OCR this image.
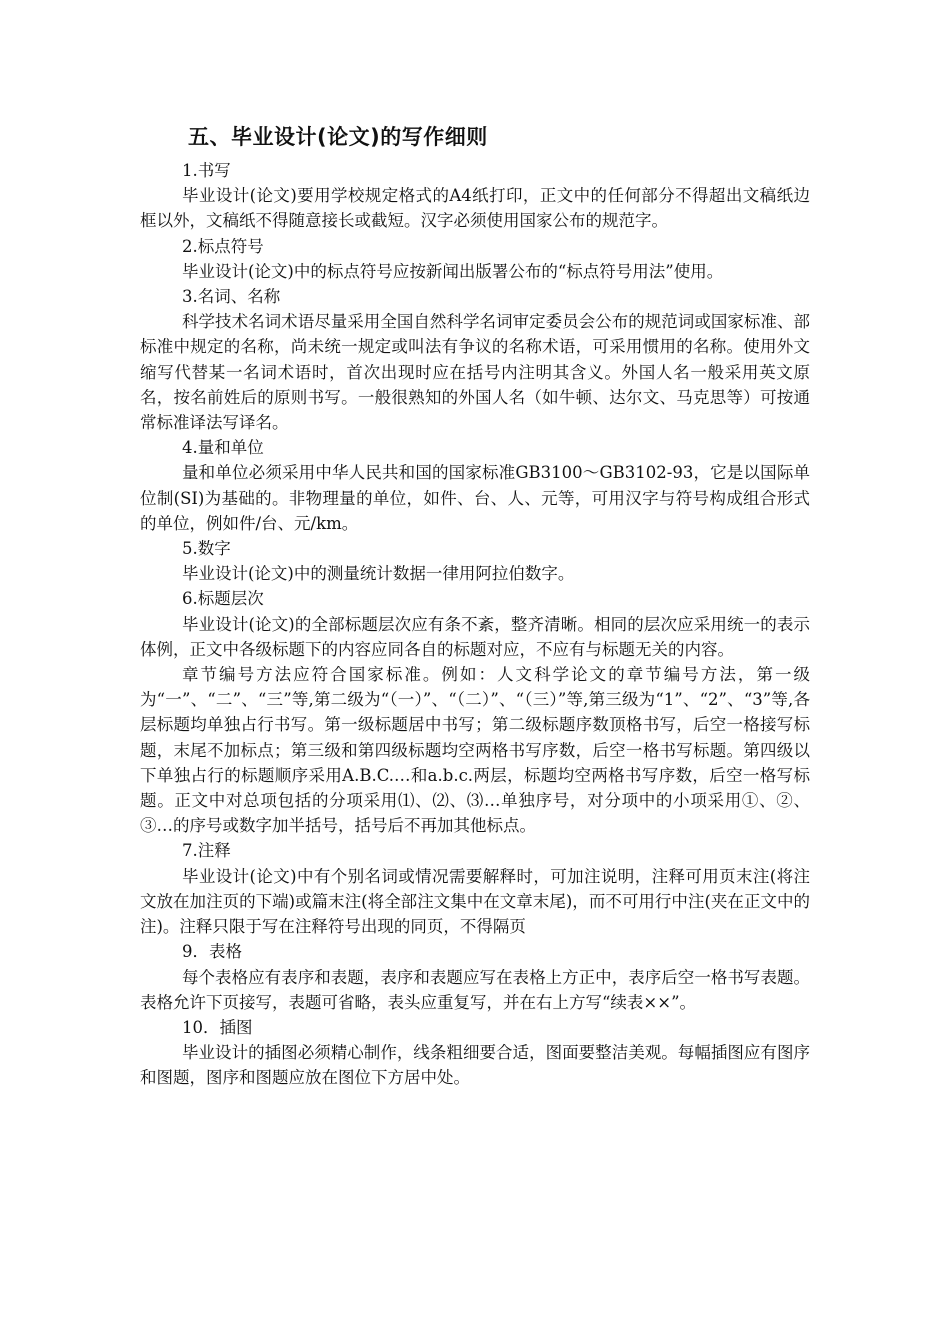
五、毕业设计(论文)的写作细则

1.书写

毕业设计(论文)要用学校规定格式的A4纸打印，正文中的任何部分不得超出文稿纸边框以外，文稿纸不得随意接长或截短。汉字必须使用国家公布的规范字。

2.标点符号

毕业设计(论文)中的标点符号应按新闻出版署公布的“标点符号用法”使用。

3.名词、名称

科学技术名词术语尽量采用全国自然科学名词审定委员会公布的规范词或国家标准、部标准中规定的名称，尚未统一规定或叫法有争议的名称术语，可采用惯用的名称。使用外文缩写代替某一名词术语时，首次出现时应在括号内注明其含义。外国人名一般采用英文原名，按名前姓后的原则书写。一般很熟知的外国人名（如牛顿、达尔文、马克思等）可按通常标准译法写译名。

4.量和单位

量和单位必须采用中华人民共和国的国家标准GB3100～GB3102-93，它是以国际单位制(SI)为基础的。非物理量的单位，如件、台、人、元等，可用汉字与符号构成组合形式的单位，例如件/台、元/km。

5.数字

毕业设计(论文)中的测量统计数据一律用阿拉伯数字。

6.标题层次

毕业设计(论文)的全部标题层次应有条不紊，整齐清晰。相同的层次应采用统一的表示体例，正文中各级标题下的内容应同各自的标题对应，不应有与标题无关的内容。

章节编号方法应符合国家标准。例如：人文科学论文的章节编号方法，第一级为“一”、“二”、“三”等,第二级为“（一）”、“（二）”、“（三）”等,第三级为“1”、“2”、“3”等,各层标题均单独占行书写。第一级标题居中书写；第二级标题序数顶格书写，后空一格接写标题，末尾不加标点；第三级和第四级标题均空两格书写序数，后空一格书写标题。第四级以下单独占行的标题顺序采用A.B.C.…和a.b.c.两层，标题均空两格书写序数，后空一格写标题。正文中对总项包括的分项采用⑴、⑵、⑶…单独序号，对分项中的小项采用①、②、③…的序号或数字加半括号，括号后不再加其他标点。

7.注释

毕业设计(论文)中有个别名词或情况需要解释时，可加注说明，注释可用页末注(将注文放在加注页的下端)或篇末注(将全部注文集中在文章末尾)，而不可用行中注(夹在正文中的注)。注释只限于写在注释符号出现的同页，不得隔页

9．表格

每个表格应有表序和表题，表序和表题应写在表格上方正中，表序后空一格书写表题。表格允许下页接写，表题可省略，表头应重复写，并在右上方写“续表××”。

10．插图

毕业设计的插图必须精心制作，线条粗细要合适，图面要整洁美观。每幅插图应有图序和图题，图序和图题应放在图位下方居中处。
